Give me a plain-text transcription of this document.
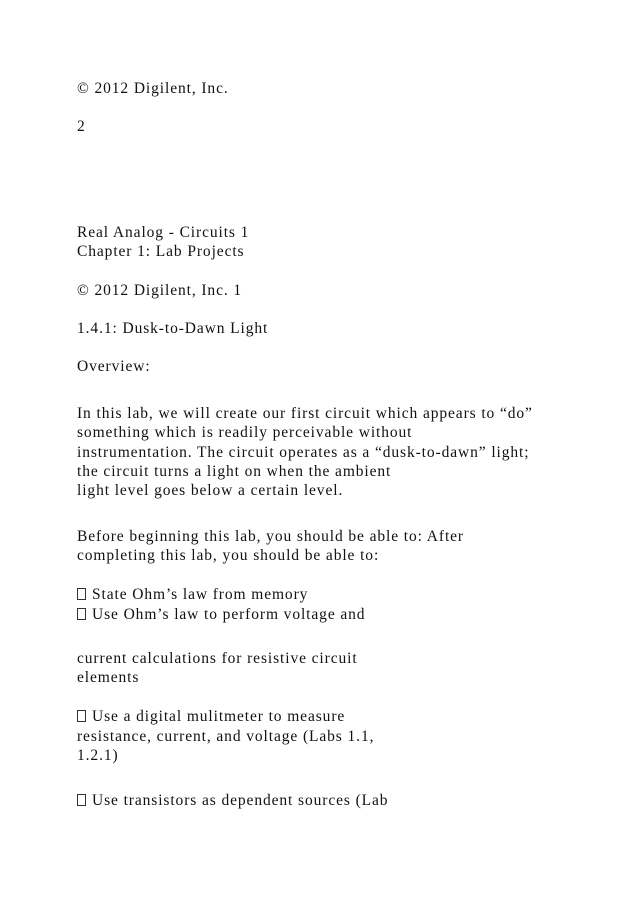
© 2012 Digilent, Inc.

2

Real Analog - Circuits 1

Chapter 1: Lab Projects

© 2012 Digilent, Inc. 1

1.4.1: Dusk-to-Dawn Light

Overview:

In this lab, we will create our first circuit which appears to “do”

something which is readily perceivable without

instrumentation. The circuit operates as a “dusk-to-dawn” light;

the circuit turns a light on when the ambient

light level goes below a certain level.

Before beginning this lab, you should be able to: After

completing this lab, you should be able to:

State Ohm’s law from memory

Use Ohm’s law to perform voltage and

current calculations for resistive circuit

elements

Use a digital mulitmeter to measure

resistance, current, and voltage (Labs 1.1,

1.2.1)

Use transistors as dependent sources (Lab
